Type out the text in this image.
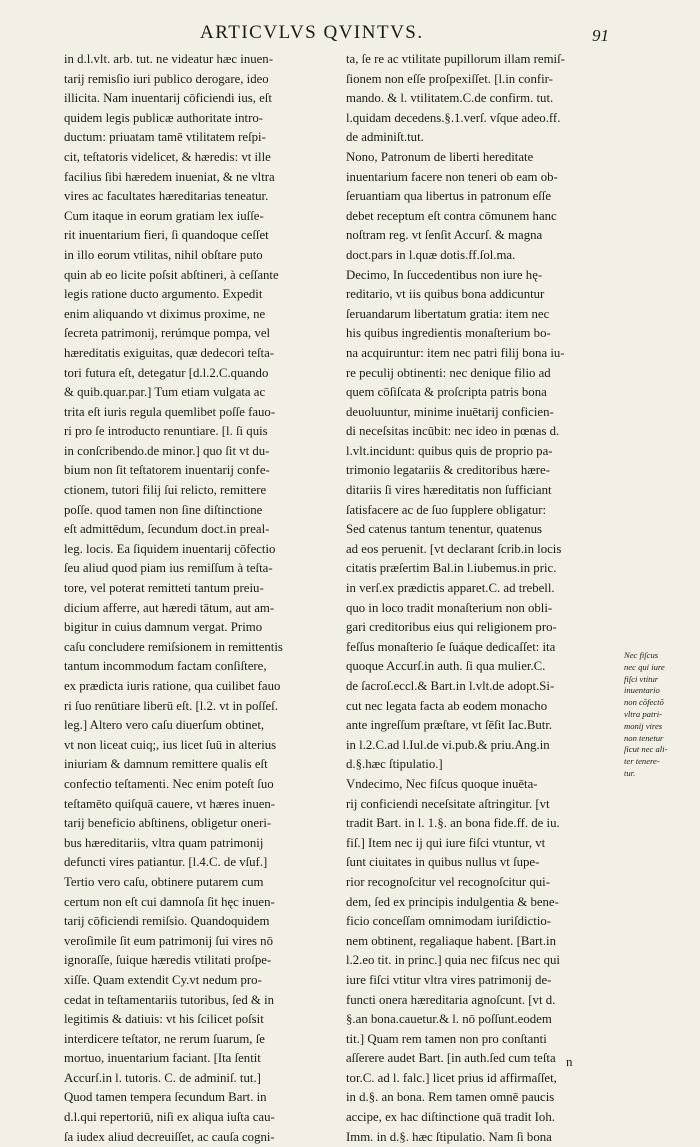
ARTICVLVS QVINTVS.	91
in d.l.vlt. arb. tut. ne videatur hæc inuen-
tarij remisſio iuri publico derogare, ideo
illicita. Nam inuentarij cōficiendi ius, eſt
quidem legis publicæ authoritate intro-
ductum: priuatam tamē vtilitatem reſpi-
cit, teſtatoris videlicet, & hæredis: vt ille
facilius ſibi hæredem inueniat, & ne vltra
vires ac facultates hæreditarias teneatur.
Cum itaque in eorum gratiam lex iuſſe-
rit inuentarium fieri, ſi quandoque ceſſet
in illo eorum vtilitas, nihil obſtare puto
quin ab eo licite poſsit abſtineri, à ceſſante
legis ratione ducto argumento. Expedit
enim aliquando vt diximus proxime, ne
ſecreta patrimonij, rerúmque pompa, vel
hæreditatis exiguitas, quæ dedecori teſta-
tori futura eſt, detegatur [d.l.2.C.quando
& quib.quar.par.] Tum etiam vulgata ac
trita eſt iuris regula quemlibet poſſe fauo-
ri pro ſe introducto renuntiare. [l. ſi quis
in conſcribendo.de minor.] quo ſit vt du-
bium non ſit teſtatorem inuentarij confe-
ctionem, tutori filij ſui relicto, remittere
poſſe. quod tamen non ſine diſtinctione
eſt admittēdum, ſecundum doct.in preal-
leg. locis. Ea ſiquidem inuentarij cōfectio
ſeu aliud quod piam ius remiſſum à teſta-
tore, vel poterat remitteti tantum preiu-
dicium afferre, aut hæredi tātum, aut am-
bigitur in cuius damnum vergat. Primo
caſu concludere remiſsionem in remittentis
tantum incommodum factam conſiſtere,
ex prædicta iuris ratione, qua cuilibet fauo
ri ſuo renūtiare liberū eſt. [l.2. vt in poſſeſ.
leg.] Altero vero caſu diuerſum obtinet,
vt non liceat cuiq;, ius licet ſuū in alterius
iniuriam & damnum remittere qualis eſt
confectio teſtamenti. Nec enim poteſt ſuo
teſtamēto quiſquā cauere, vt hæres inuen-
tarij beneficio abſtinens, obligetur oneri-
bus hæreditariis, vltra quam patrimonij
defuncti vires patiantur. [l.4.C. de vſuf.]
Tertio vero caſu, obtinere putarem cum
certum non eſt cui damnoſa ſit hęc inuen-
tarij cōficiendi remiſsio. Quandoquidem
veroſimile ſit eum patrimonij ſui vires nō
ignoraſſe, ſuique hæredis vtilitati proſpe-
xiſſe. Quam extendit Cy.vt nedum pro-
cedat in teſtamentariis tutoribus, ſed & in
legitimis & datiuis: vt his ſcilicet poſsit
interdicere teſtator, ne rerum ſuarum, ſe
mortuo, inuentarium faciant. [Ita ſentit
Accurſ.in l. tutoris. C. de adminiſ. tut.]
Quod tamen tempera ſecundum Bart. in
d.l.qui repertoriū, niſi ex aliqua iuſta cau-
ſa iudex aliud decreuiſſet, ac cauſa cogni-
ta, ſe re ac vtilitate pupillorum illam remiſ-
ſionem non eſſe proſpexiſſet. [l.in confir-
mando. & l. vtilitatem.C.de confirm. tut.
l.quidam decedens.§.1.verſ. vſque adeo.ff.
de adminiſt.tut.
Nono, Patronum de liberti hereditate
inuentarium facere non teneri ob eam ob-
ſeruantiam qua libertus in patronum eſſe
debet receptum eſt contra cōmunem hanc
noſtram reg. vt ſenſit Accurſ. & magna
doct.pars in l.quæ dotis.ff.ſol.ma.
Decimo, In ſuccedentibus non iure hę-
reditario, vt iis quibus bona addicuntur
ſeruandarum libertatum gratia: item nec
his quibus ingredientis monaſterium bo-
na acquiruntur: item nec patri filij bona iu-
re peculij obtinenti: nec denique filio ad
quem cōſiſcata & proſcripta patris bona
deuoluuntur, minime inuētarij conficien-
di neceſsitas incūbit: nec ideo in pœnas d.
l.vlt.incidunt: quibus quis de proprio pa-
trimonio legatariis & creditoribus hære-
ditariis ſi vires hæreditatis non ſufficiant
ſatisfacere ac de ſuo ſupplere obligatur:
Sed catenus tantum tenentur, quatenus
ad eos peruenit. [vt declarant ſcrib.in locis
citatis præſertim Bal.in l.iubemus.in pric.
in verſ.ex prædictis apparet.C. ad trebell.
quo in loco tradit monaſterium non obli-
gari creditoribus eius qui religionem pro-
feſſus monaſterio ſe ſuáque dedicaſſet: ita
quoque Accurſ.in auth. ſi qua mulier.C.
de ſacroſ.eccl.& Bart.in l.vlt.de adopt.Si-
cut nec legata facta ab eodem monacho
ante ingreſſum præſtare, vt ſēſit Iac.Butr.
in l.2.C.ad l.Iul.de vi.pub.& priu.Ang.in
d.§.hæc ſtipulatio.]
Vndecimo, Nec fiſcus quoque inuēta-
rij conficiendi neceſsitate aſtringitur. [vt
tradit Bart. in l. 1.§. an bona fide.ff. de iu.
fiſ.] Item nec ij qui iure fiſci vtuntur, vt
ſunt ciuitates in quibus nullus vt ſupe-
rior recognoſcitur vel recognoſcitur qui-
dem, ſed ex principis indulgentia & bene-
ficio conceſſam omnimodam iuriſdictio-
nem obtinent, regaliaque habent. [Bart.in
l.2.eo tit. in princ.] quia nec fiſcus nec qui
iure fiſci vtitur vltra vires patrimonij de-
functi onera hæreditaria agnoſcunt. [vt d.
§.an bona.cauetur.& l. nō poſſunt.eodem
tit.] Quam rem tamen non pro conſtanti
aſſerere audet Bart. [in auth.ſed cum teſta
tor.C. ad l. falc.] licet prius id affirmaſſet,
in d.§. an bona. Rem tamen omnē paucis
accipe, ex hac diſtinctione quā tradit Ioh.
Imm. in d.§. hæc ſtipulatio. Nam ſi bona
Nec fiſcus
nec qui iure
fiſci vtitur
inuentario
non cōfectō
vltra patri-
monij vires
non tenetur
ſicut nec ali-
ter tenere-
tur.
n
